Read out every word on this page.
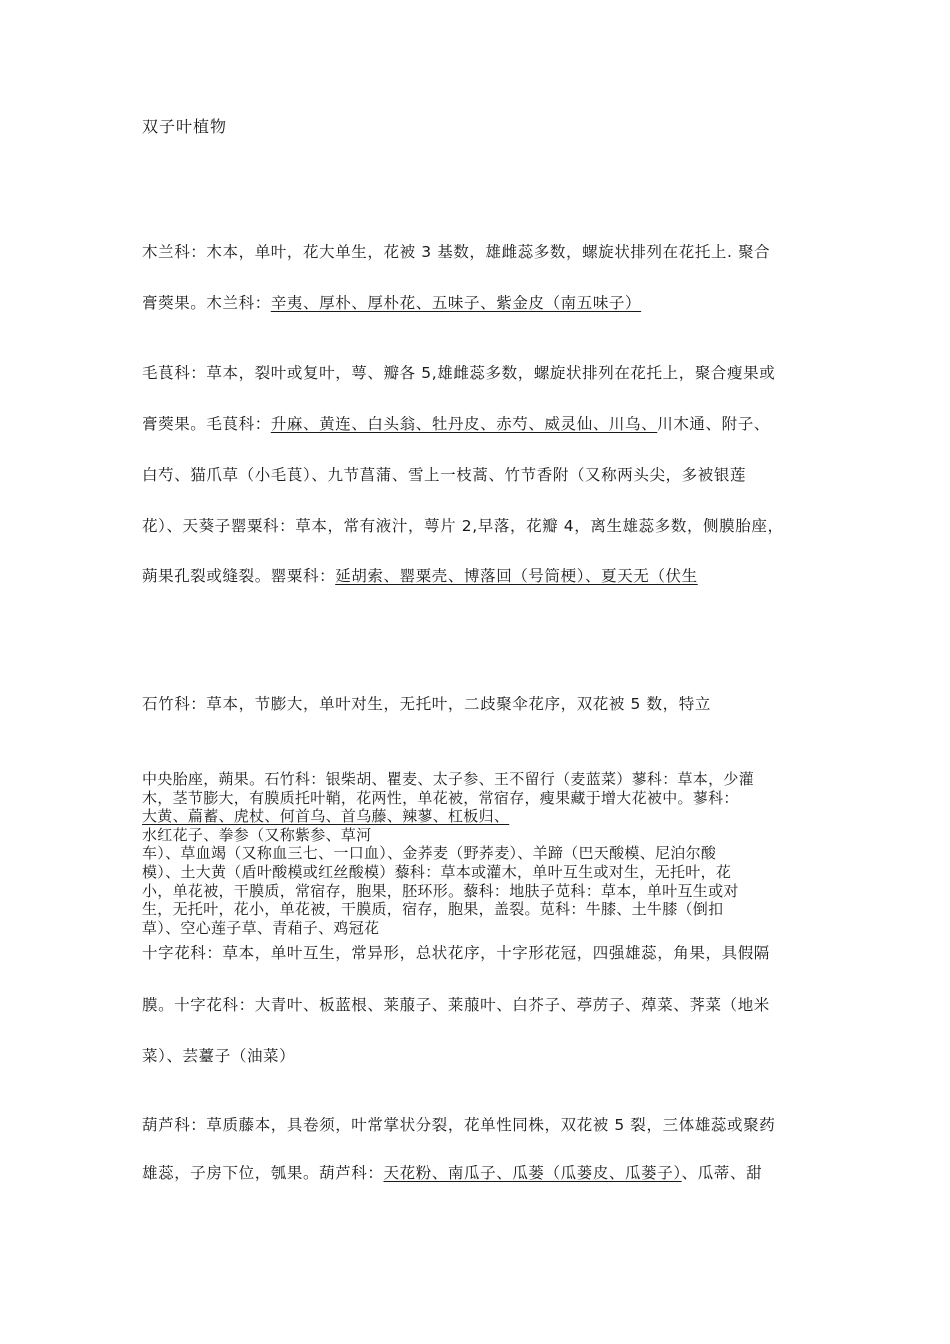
双子叶植物
木兰科：木本，单叶，花大单生，花被 3 基数，雄雌蕊多数，螺旋状排列在花托上. 聚合
膏葖果。木兰科：辛夷、厚朴、厚朴花、五味子、紫金皮（南五味子）
毛茛科：草本，裂叶或复叶，萼、瓣各 5,雄雌蕊多数，螺旋状排列在花托上，聚合瘦果或
膏葖果。毛茛科：升麻、黄连、白头翁、牡丹皮、赤芍、威灵仙、川乌、川木通、附子、
白芍、猫爪草（小毛茛）、九节菖蒲、雪上一枝蒿、竹节香附（又称两头尖，多被银莲
花）、天葵子罂粟科：草本，常有液汁，萼片 2,早落，花瓣 4，离生雄蕊多数，侧膜胎座，
蒴果孔裂或缝裂。罂粟科：延胡索、罂粟壳、博落回（号筒梗）、夏天无（伏生
石竹科：草本，节膨大，单叶对生，无托叶，二歧聚伞花序，双花被 5 数，特立
中央胎座，蒴果。石竹科：银柴胡、瞿麦、太子参、王不留行（麦蓝菜）蓼科：草本，少灌
木，茎节膨大，有膜质托叶鞘，花两性，单花被，常宿存，瘦果藏于增大花被中。蓼科：
大黄、萹蓄、虎杖、何首乌、首乌藤、辣蓼、杠板归、
水红花子、拳参（又称紫参、草河
车）、草血竭（又称血三七、一口血）、金荞麦（野荞麦）、羊蹄（巴天酸模、尼泊尔酸
模）、土大黄（盾叶酸模或红丝酸模）藜科：草本或灌木，单叶互生或对生，无托叶，花
小，单花被，干膜质，常宿存，胞果，胚环形。藜科：地肤子苋科：草本，单叶互生或对
生，无托叶，花小，单花被，干膜质，宿存，胞果，盖裂。苋科：牛膝、土牛膝（倒扣
草）、空心莲子草、青葙子、鸡冠花
十字花科：草本，单叶互生，常异形，总状花序，十字形花冠，四强雄蕊，角果，具假隔
膜。十字花科：大青叶、板蓝根、莱菔子、莱菔叶、白芥子、葶苈子、蔊菜、荠菜（地米
菜）、芸薹子（油菜）
葫芦科：草质藤本，具卷须，叶常掌状分裂，花单性同株，双花被 5 裂，三体雄蕊或聚药
雄蕊，子房下位，瓠果。葫芦科：天花粉、南瓜子、瓜蒌（瓜蒌皮、瓜蒌子）、瓜蒂、甜
